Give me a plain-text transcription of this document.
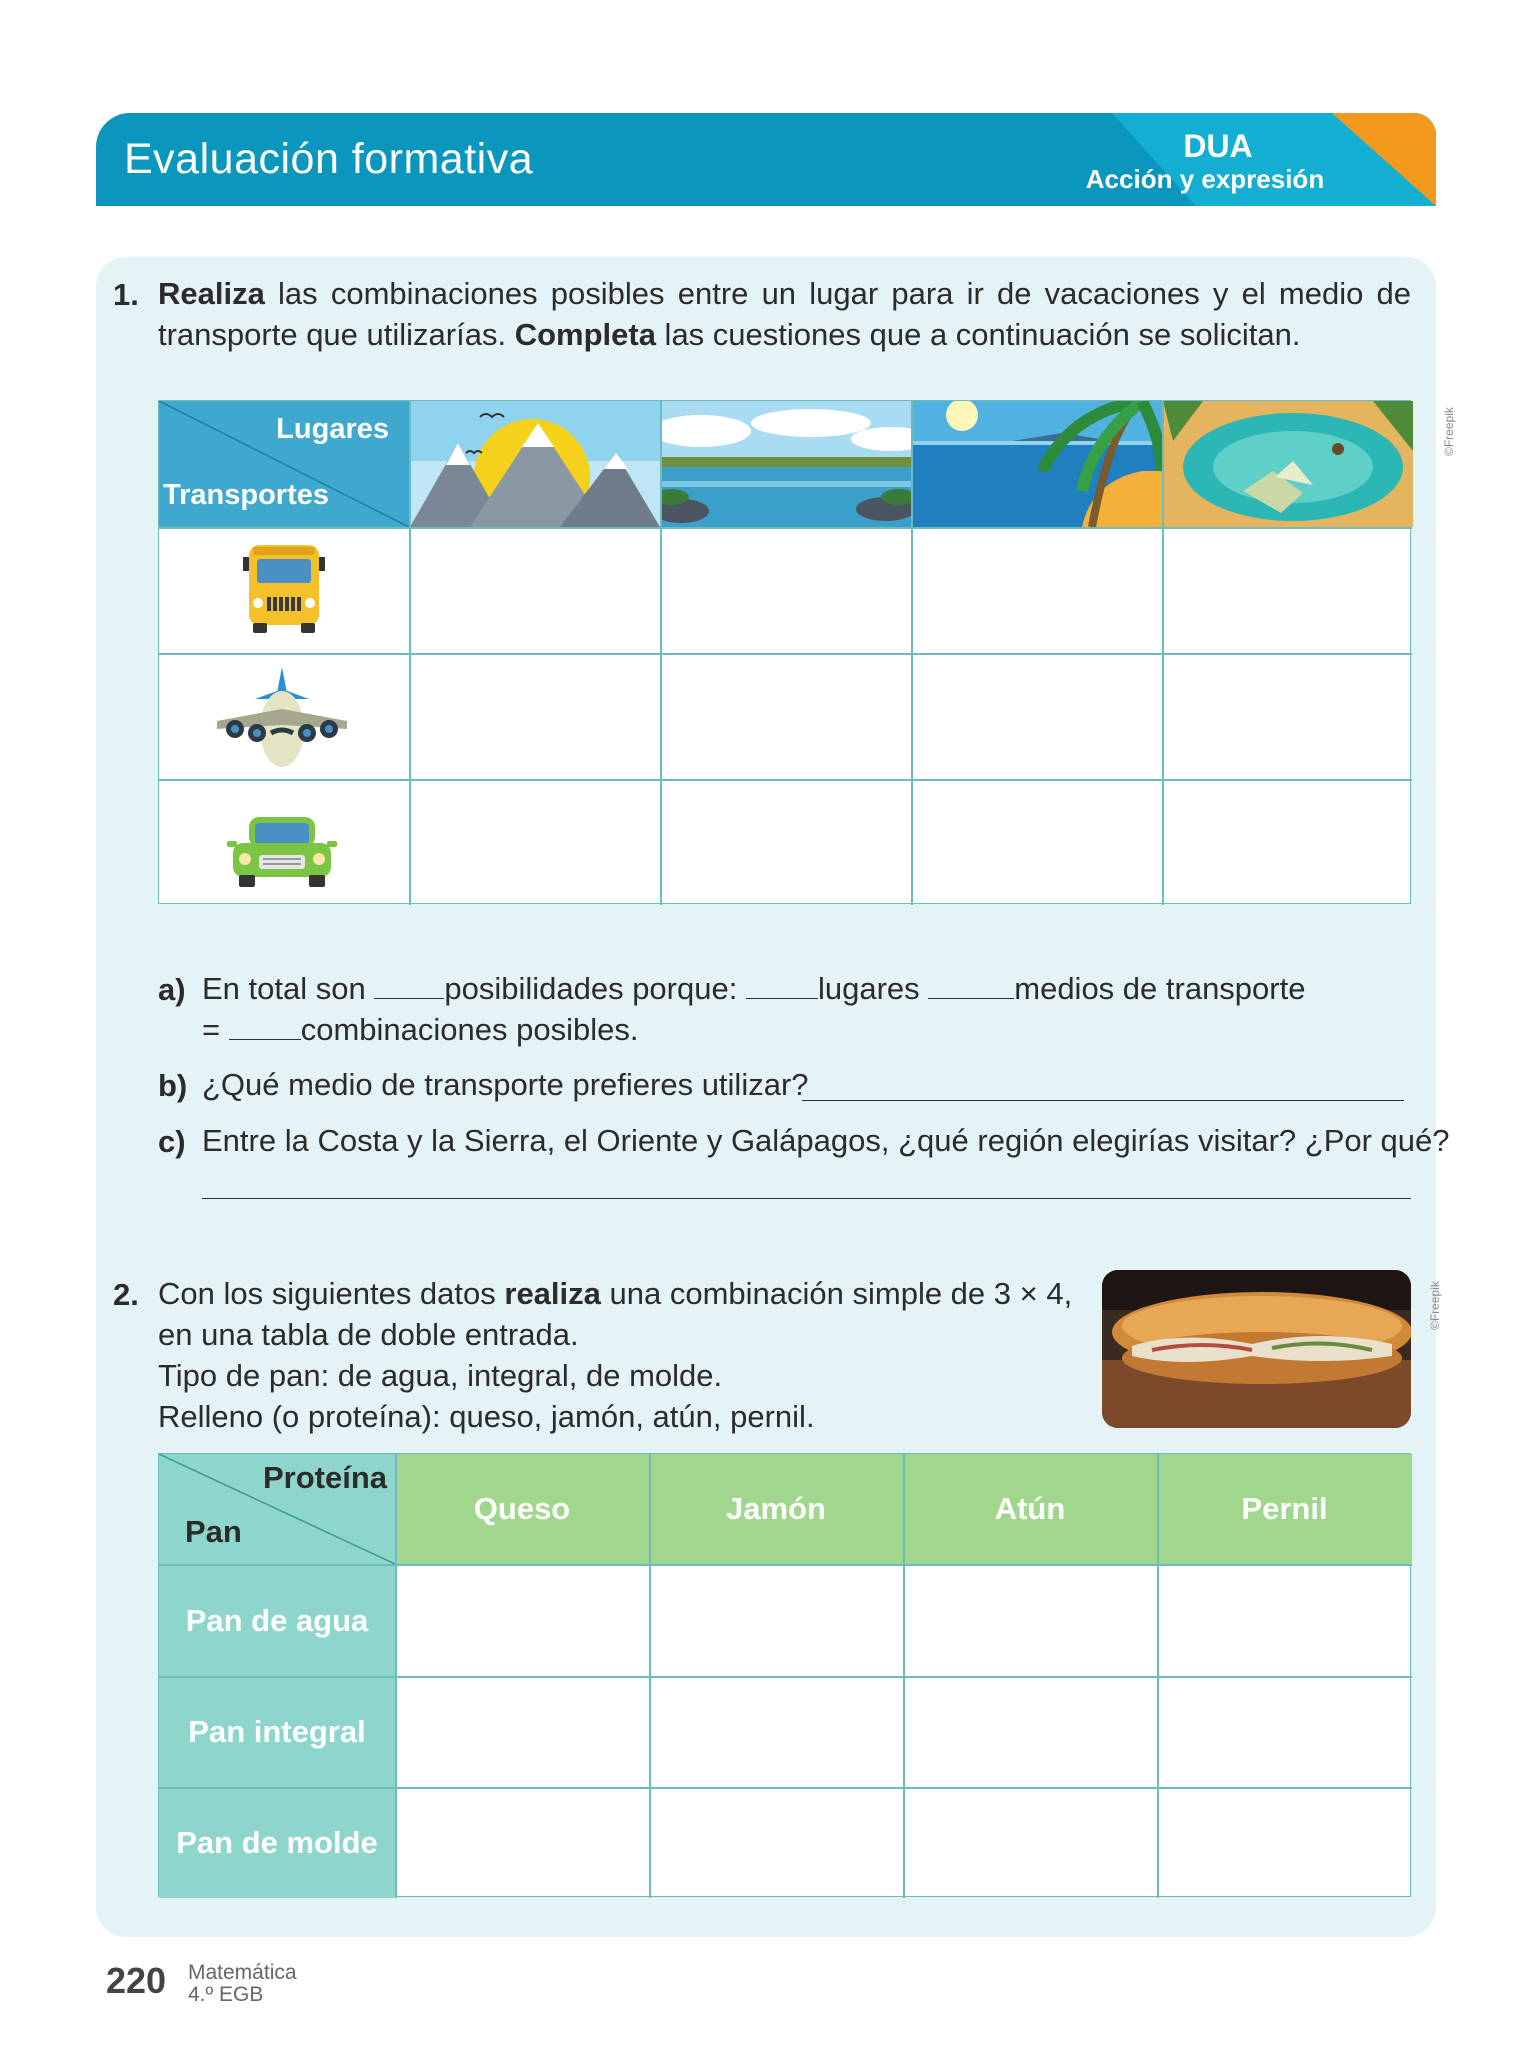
Evaluación formativa	DUA
Acción y expresión
1. Realiza las combinaciones posibles entre un lugar para ir de vacaciones y el medio de
transporte que utilizarías. Completa las cuestiones que a continuación se solicitan.
©Freepik
Lugares
Transportes
a) En total son posibilidades porque: lugares	medios de transporte
= combinaciones posibles.
b) ¿Qué medio de transporte prefieres utilizar?
c) Entre la Costa y la Sierra, el Oriente y Galápagos, ¿qué región elegirías visitar? ¿Por qué?
2. Con los siguientes datos realiza una combinación simple de 3 × 4,
en una tabla de doble entrada.
Tipo de pan: de agua, integral, de molde.
Relleno (o proteína): queso, jamón, atún, pernil.
©Freepik
Proteína
Pan
Queso	Jamón	Atún	Pernil
Pan de agua
Pan integral
Pan de molde
220 Matemática
4.º EGB
